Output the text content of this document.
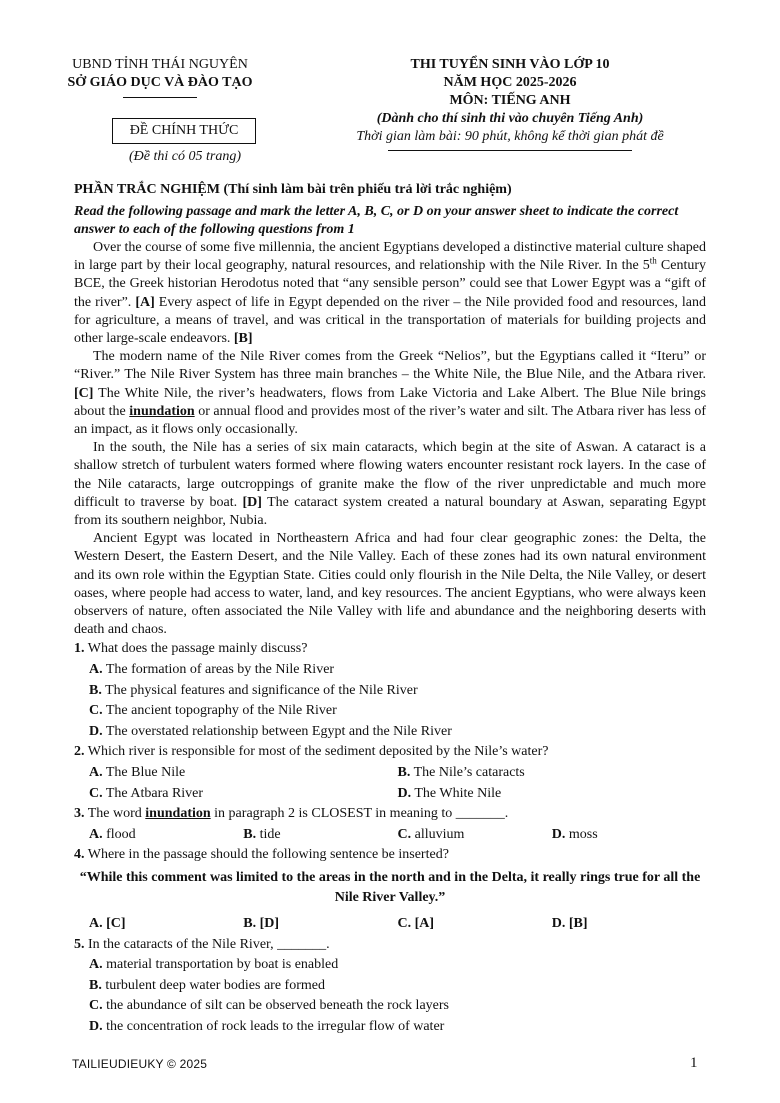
UBND TỈNH THÁI NGUYÊN
SỞ GIÁO DỤC VÀ ĐÀO TẠO
ĐỀ CHÍNH THỨC
(Đề thi có 05 trang)
THI TUYỂN SINH VÀO LỚP 10
NĂM HỌC 2025-2026
MÔN: TIẾNG ANH
(Dành cho thí sinh thi vào chuyên Tiếng Anh)
Thời gian làm bài: 90 phút, không kể thời gian phát đề
PHẦN TRẮC NGHIỆM (Thí sinh làm bài trên phiếu trả lời trắc nghiệm)
Read the following passage and mark the letter A, B, C, or D on your answer sheet to indicate the correct answer to each of the following questions from 1

Over the course of some five millennia, the ancient Egyptians developed a distinctive material culture shaped in large part by their local geography, natural resources, and relationship with the Nile River. In the 5th Century BCE, the Greek historian Herodotus noted that “any sensible person” could see that Lower Egypt was a “gift of the river”. [A] Every aspect of life in Egypt depended on the river – the Nile provided food and resources, land for agriculture, a means of travel, and was critical in the transportation of materials for building projects and other large-scale endeavors. [B]

The modern name of the Nile River comes from the Greek “Nelios”, but the Egyptians called it “Iteru” or “River.” The Nile River System has three main branches – the White Nile, the Blue Nile, and the Atbara river. [C] The White Nile, the river’s headwaters, flows from Lake Victoria and Lake Albert. The Blue Nile brings about the inundation or annual flood and provides most of the river’s water and silt. The Atbara river has less of an impact, as it flows only occasionally.

In the south, the Nile has a series of six main cataracts, which begin at the site of Aswan. A cataract is a shallow stretch of turbulent waters formed where flowing waters encounter resistant rock layers. In the case of the Nile cataracts, large outcroppings of granite make the flow of the river unpredictable and much more difficult to traverse by boat. [D] The cataract system created a natural boundary at Aswan, separating Egypt from its southern neighbor, Nubia.

Ancient Egypt was located in Northeastern Africa and had four clear geographic zones: the Delta, the Western Desert, the Eastern Desert, and the Nile Valley. Each of these zones had its own natural environment and its own role within the Egyptian State. Cities could only flourish in the Nile Delta, the Nile Valley, or desert oases, where people had access to water, land, and key resources. The ancient Egyptians, who were always keen observers of nature, often associated the Nile Valley with life and abundance and the neighboring deserts with death and chaos.

1. What does the passage mainly discuss?
A. The formation of areas by the Nile River
B. The physical features and significance of the Nile River
C. The ancient topography of the Nile River
D. The overstated relationship between Egypt and the Nile River
2. Which river is responsible for most of the sediment deposited by the Nile’s water?
A. The Blue Nile	B. The Nile’s cataracts
C. The Atbara River	D. The White Nile
3. The word inundation in paragraph 2 is CLOSEST in meaning to _______.
A. flood	B. tide	C. alluvium	D. moss
4. Where in the passage should the following sentence be inserted?
“While this comment was limited to the areas in the north and in the Delta, it really rings true for all the Nile River Valley.”
A. [C]	B. [D]	C. [A]	D. [B]
5. In the cataracts of the Nile River, _______.
A. material transportation by boat is enabled
B. turbulent deep water bodies are formed
C. the abundance of silt can be observed beneath the rock layers
D. the concentration of rock leads to the irregular flow of water
TAILIEUDIEUKY © 2025	1
